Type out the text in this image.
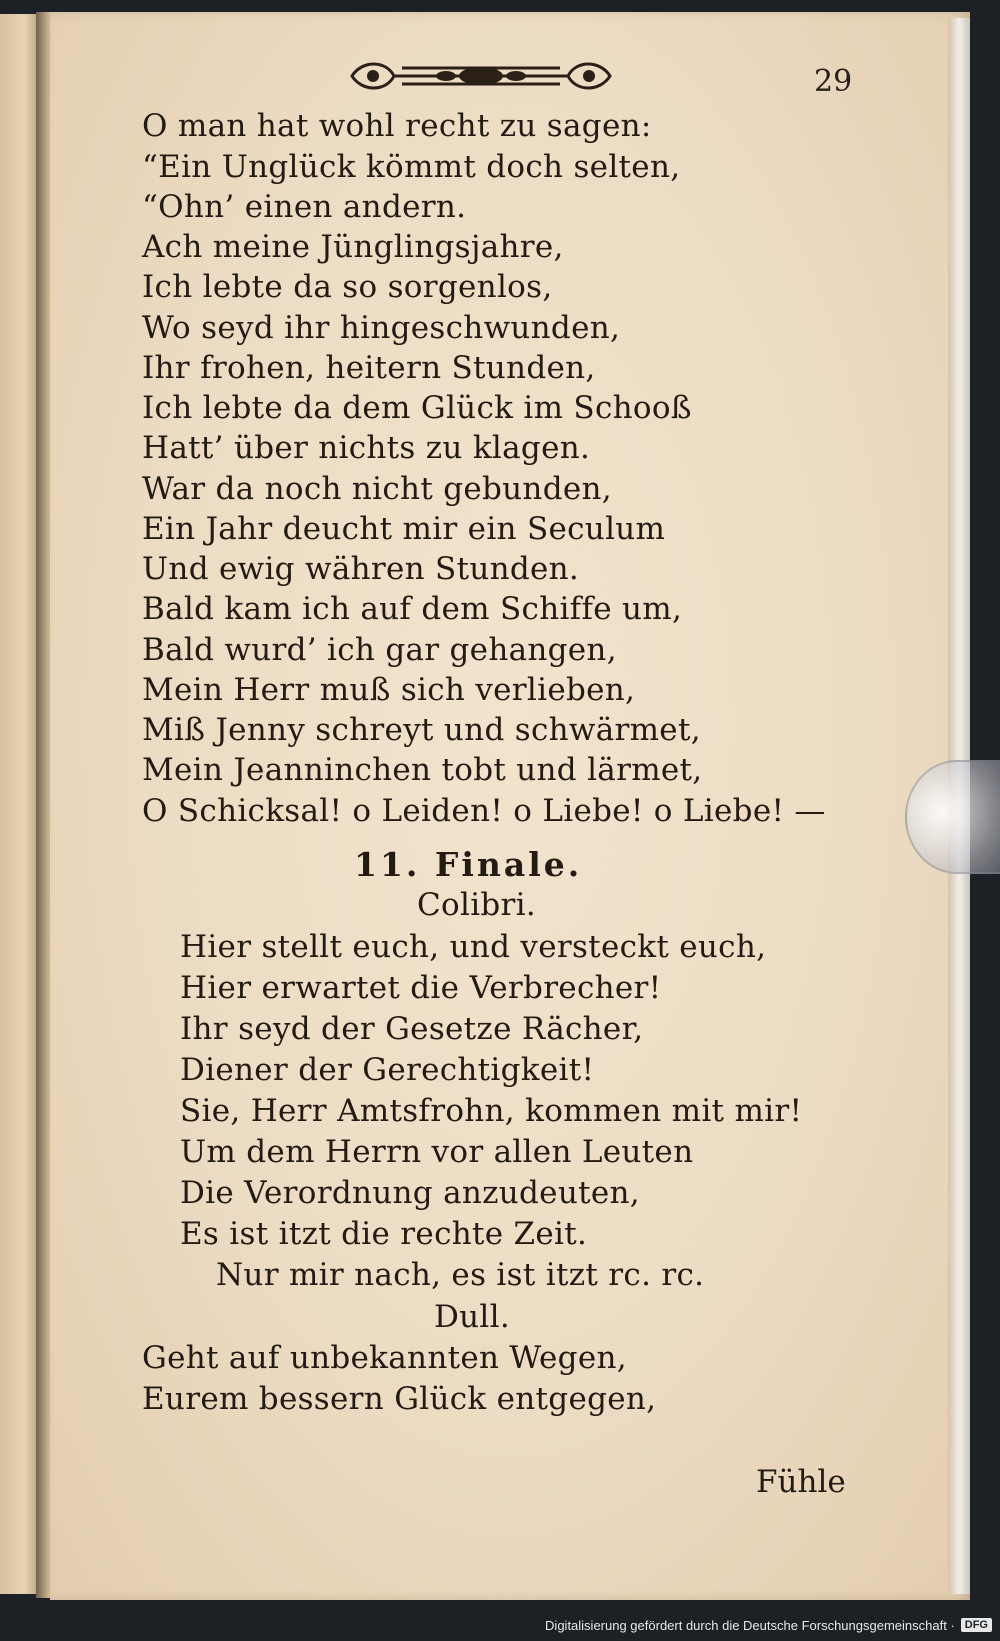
29
O man hat wohl recht zu sagen:
“Ein Unglück kömmt doch selten,
“Ohn’ einen andern.
Ach meine Jünglingsjahre,
Ich lebte da so sorgenlos,
Wo seyd ihr hingeschwunden,
Ihr frohen, heitern Stunden,
Ich lebte da dem Glück im Schooß
Hatt’ über nichts zu klagen.
War da noch nicht gebunden,
Ein Jahr deucht mir ein Seculum
Und ewig währen Stunden.
Bald kam ich auf dem Schiffe um,
Bald wurd’ ich gar gehangen,
Mein Herr muß sich verlieben,
Miß Jenny schreyt und schwärmet,
Mein Jeanninchen tobt und lärmet,
O Schicksal! o Leiden! o Liebe! o Liebe! —
11. Finale.
Colibri.
Hier stellt euch, und versteckt euch,
Hier erwartet die Verbrecher!
Ihr seyd der Gesetze Rächer,
Diener der Gerechtigkeit!
Sie, Herr Amtsfrohn, kommen mit mir!
Um dem Herrn vor allen Leuten
Die Verordnung anzudeuten,
Es ist itzt die rechte Zeit.
Nur mir nach, es ist itzt rc. rc.
Dull.
Geht auf unbekannten Wegen,
Eurem bessern Glück entgegen,
Fühle
Digitalisierung gefördert durch die Deutsche Forschungsgemeinschaft · DFG
